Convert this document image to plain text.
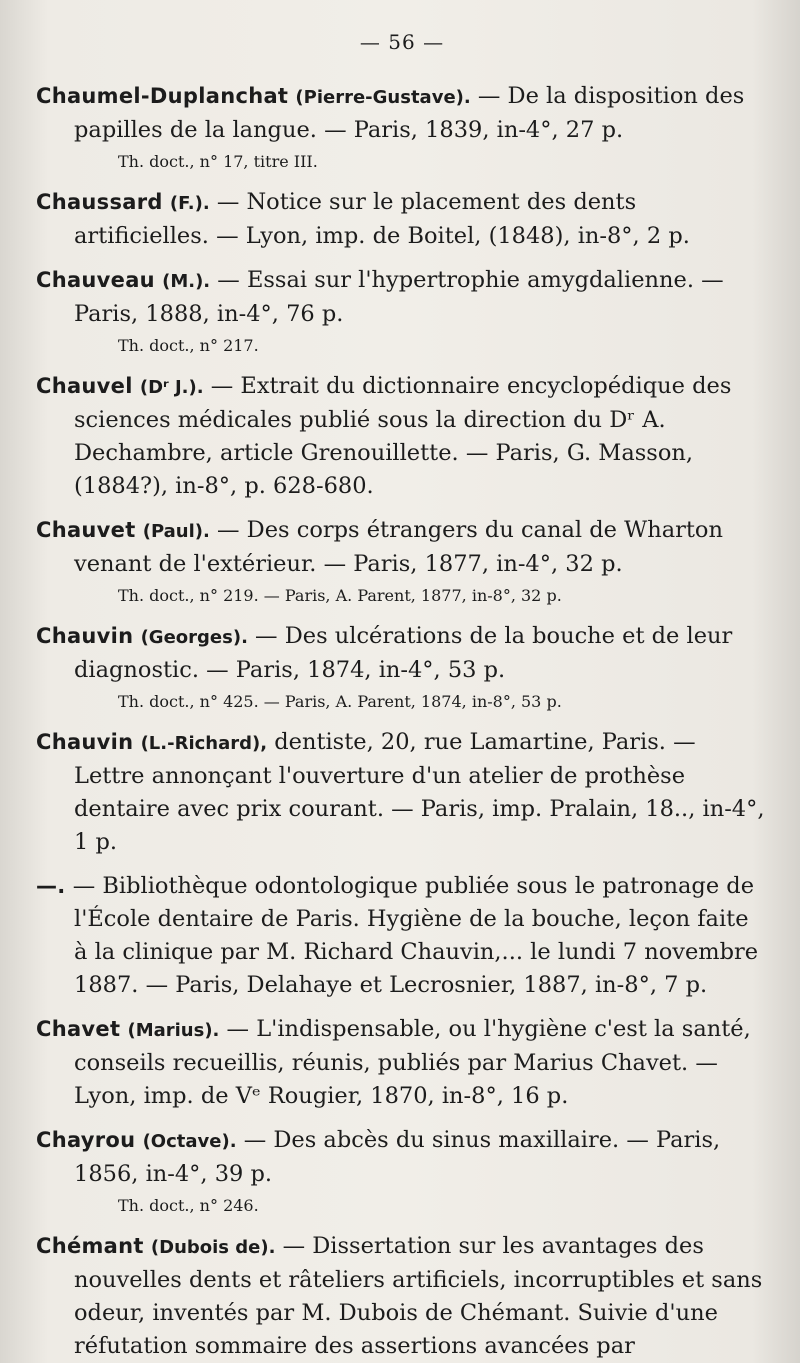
— 56 —
Chaumel-Duplanchat (Pierre-Gustave). — De la disposition des papilles de la langue. — Paris, 1839, in-4°, 27 p.
Th. doct., n° 17, titre III.
Chaussard (F.). — Notice sur le placement des dents artificielles. — Lyon, imp. de Boitel, (1848), in-8°, 2 p.
Chauveau (M.). — Essai sur l'hypertrophie amygdalienne. — Paris, 1888, in-4°, 76 p.
Th. doct., n° 217.
Chauvel (Dʳ J.). — Extrait du dictionnaire encyclopédique des sciences médicales publié sous la direction du Dʳ A. Dechambre, article Grenouillette. — Paris, G. Masson, (1884?), in-8°, p. 628-680.
Chauvet (Paul). — Des corps étrangers du canal de Wharton venant de l'extérieur. — Paris, 1877, in-4°, 32 p.
Th. doct., n° 219. — Paris, A. Parent, 1877, in-8°, 32 p.
Chauvin (Georges). — Des ulcérations de la bouche et de leur diagnostic. — Paris, 1874, in-4°, 53 p.
Th. doct., n° 425. — Paris, A. Parent, 1874, in-8°, 53 p.
Chauvin (L.-Richard), dentiste, 20, rue Lamartine, Paris. — Lettre annonçant l'ouverture d'un atelier de prothèse dentaire avec prix courant. — Paris, imp. Pralain, 18.., in-4°, 1 p.
—. — Bibliothèque odontologique publiée sous le patronage de l'École dentaire de Paris. Hygiène de la bouche, leçon faite à la clinique par M. Richard Chauvin,... le lundi 7 novembre 1887. — Paris, Delahaye et Lecrosnier, 1887, in-8°, 7 p.
Chavet (Marius). — L'indispensable, ou l'hygiène c'est la santé, conseils recueillis, réunis, publiés par Marius Chavet. — Lyon, imp. de Vᵉ Rougier, 1870, in-8°, 16 p.
Chayrou (Octave). — Des abcès du sinus maxillaire. — Paris, 1856, in-4°, 39 p.
Th. doct., n° 246.
Chémant (Dubois de). — Dissertation sur les avantages des nouvelles dents et râteliers artificiels, incorruptibles et sans odeur, inventés par M. Dubois de Chémant. Suivie d'une réfutation sommaire des assertions avancées par
